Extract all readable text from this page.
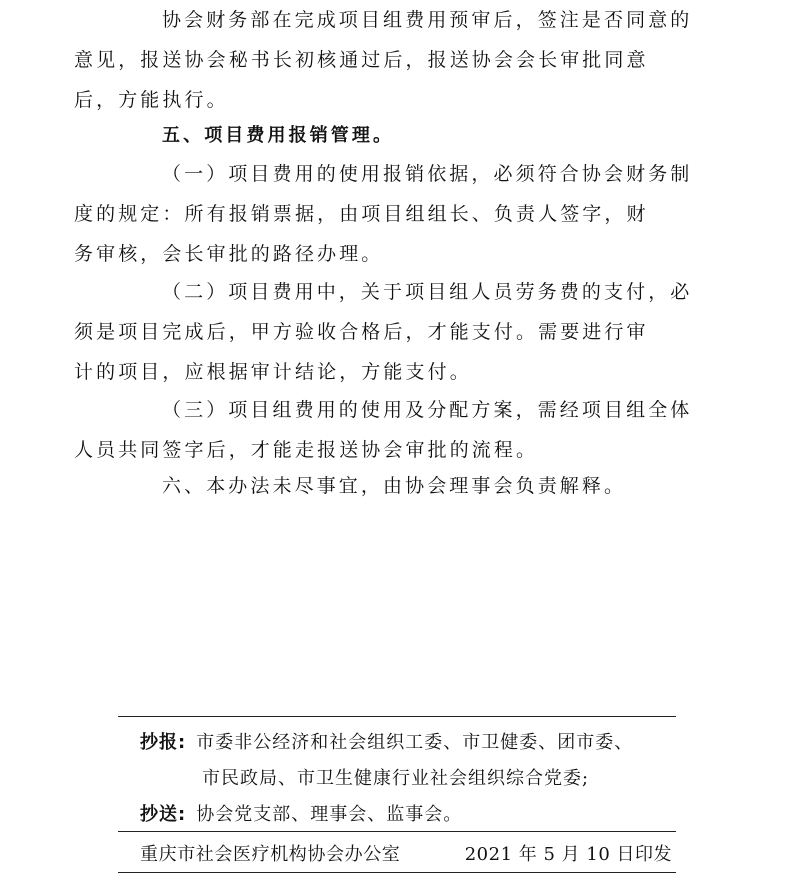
协会财务部在完成项目组费用预审后，签注是否同意的
意见，报送协会秘书长初核通过后，报送协会会长审批同意
后，方能执行。

五、项目费用报销管理。

（一）项目费用的使用报销依据，必须符合协会财务制
度的规定：所有报销票据，由项目组组长、负责人签字，财
务审核，会长审批的路径办理。

（二）项目费用中，关于项目组人员劳务费的支付，必
须是项目完成后，甲方验收合格后，才能支付。需要进行审
计的项目，应根据审计结论，方能支付。

（三）项目组费用的使用及分配方案，需经项目组全体
人员共同签字后，才能走报送协会审批的流程。

六、本办法未尽事宜，由协会理事会负责解释。

抄报: 市委非公经济和社会组织工委、市卫健委、团市委、
市民政局、市卫生健康行业社会组织综合党委;
抄送: 协会党支部、理事会、监事会。
重庆市社会医疗机构协会办公室	2021 年 5 月 10 日印发
